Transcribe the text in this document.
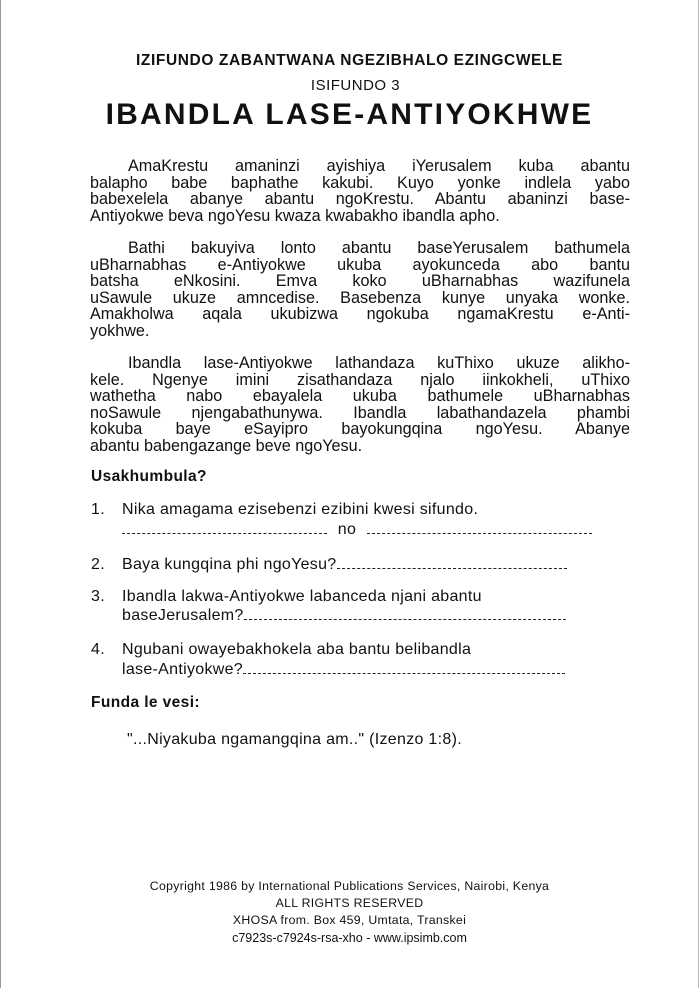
IZIFUNDO ZABANTWANA NGEZIBHALO EZINGCWELE
ISIFUNDO 3
IBANDLA LASE-ANTIYOKHWE
AmaKrestu amaninzi ayishiya iYerusalem kuba abantu
balapho babe baphathe kakubi. Kuyo yonke indlela yabo
babexelela abanye abantu ngoKrestu. Abantu abaninzi base-
Antiyokwe beva ngoYesu kwaza kwabakho ibandla apho.
Bathi bakuyiva lonto abantu baseYerusalem bathumela
uBharnabhas e-Antiyokwe ukuba ayokunceda abo bantu
batsha eNkosini. Emva koko uBharnabhas wazifunela
uSawule ukuze amncedise. Basebenza kunye unyaka wonke.
Amakholwa aqala ukubizwa ngokuba ngamaKrestu e-Anti-
yokhwe.
Ibandla lase-Antiyokwe lathandaza kuThixo ukuze alikho-
kele. Ngenye imini zisathandaza njalo iinkokheli, uThixo
wathetha nabo ebayalela ukuba bathumele uBharnabhas
noSawule njengabathunywa. Ibandla labathandazela phambi
kokuba baye eSayipro bayokungqina ngoYesu. Abanye
abantu babengazange beve ngoYesu.
Usakhumbula?
1. Nika amagama ezisebenzi ezibini kwesi sifundo.
no
2. Baya kungqina phi ngoYesu?
3. Ibandla lakwa-Antiyokwe labanceda njani abantu
baseJerusalem?
4. Ngubani owayebakhokela aba bantu belibandla
lase-Antiyokwe?
Funda le vesi:
"...Niyakuba ngamangqina am.." (Izenzo 1:8).
Copyright 1986 by International Publications Services, Nairobi, Kenya
ALL RIGHTS RESERVED
XHOSA from. Box 459, Umtata, Transkei
c7923s-c7924s-rsa-xho - www.ipsimb.com
